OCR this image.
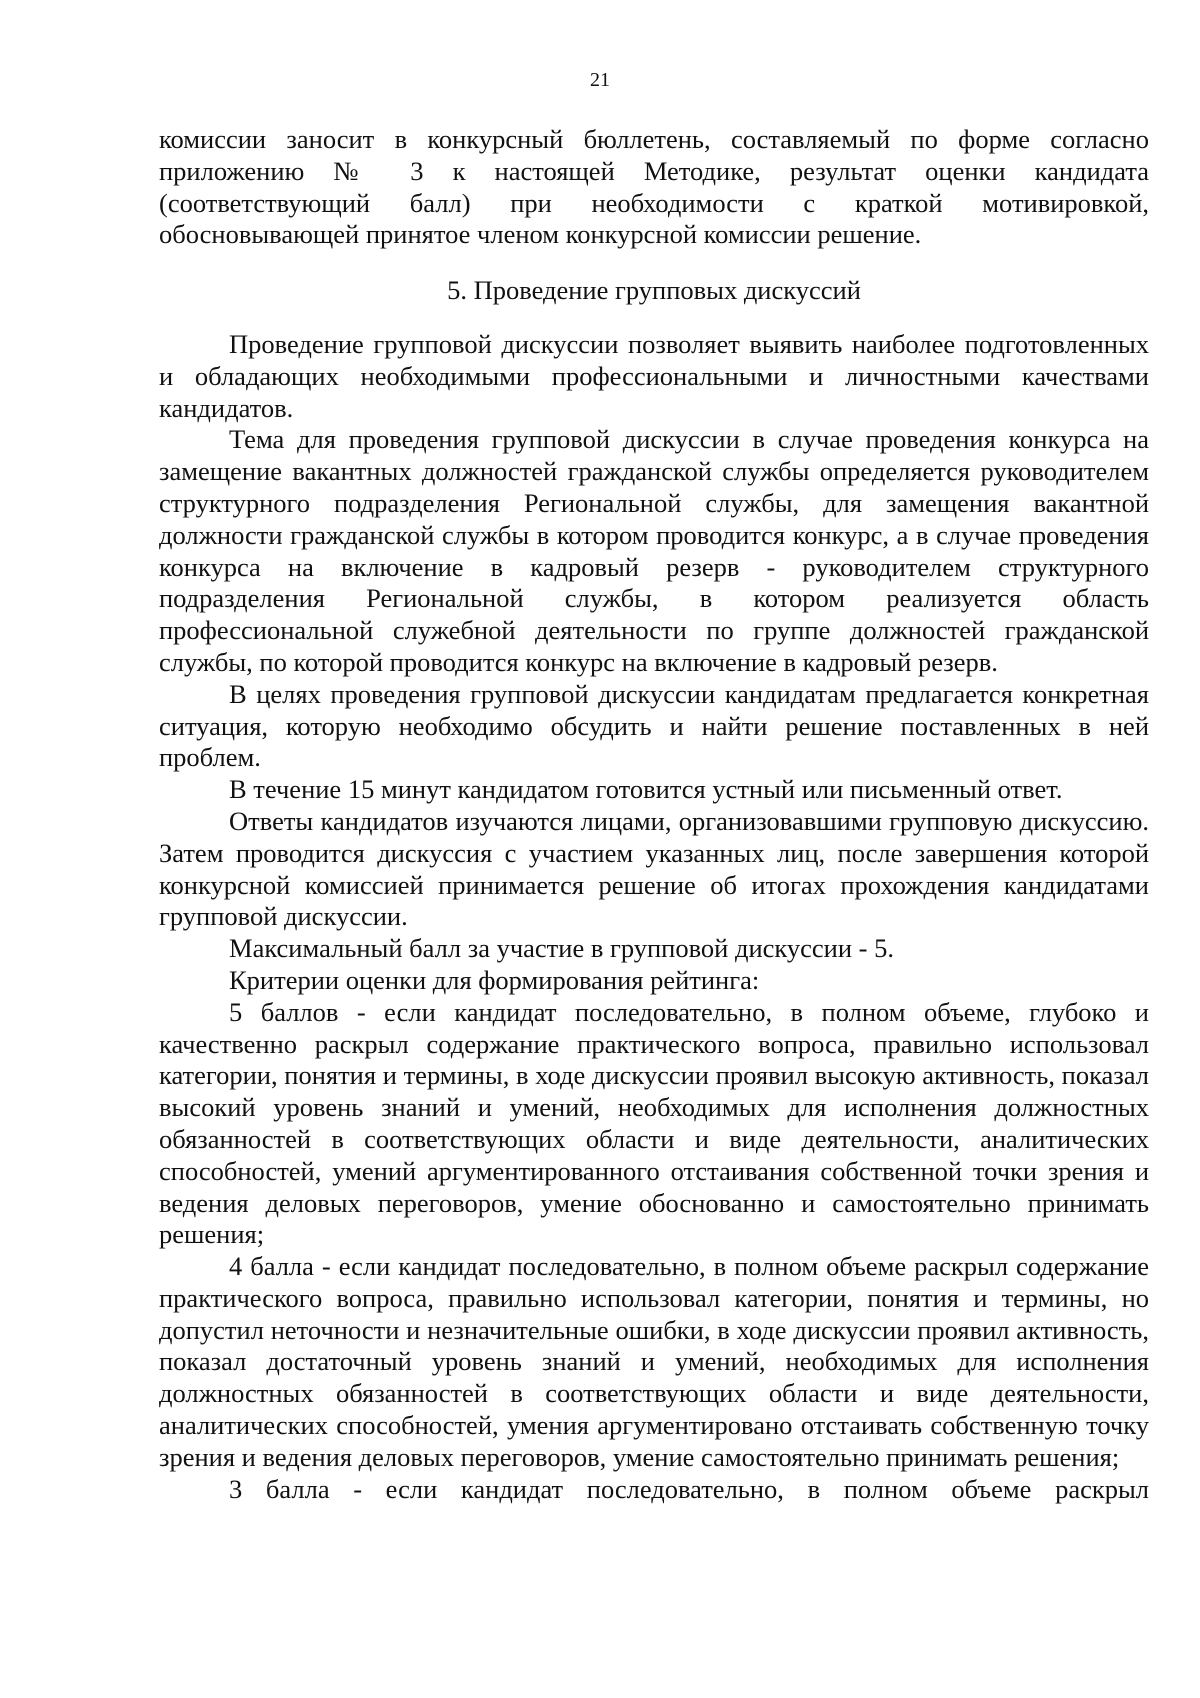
21

комиссии заносит в конкурсный бюллетень, составляемый по форме согласно приложению № 3 к настоящей Методике, результат оценки кандидата (соответствующий балл) при необходимости с краткой мотивировкой, обосновывающей принятое членом конкурсной комиссии решение.

5. Проведение групповых дискуссий

Проведение групповой дискуссии позволяет выявить наиболее подготовленных и обладающих необходимыми профессиональными и личностными качествами кандидатов.

Тема для проведения групповой дискуссии в случае проведения конкурса на замещение вакантных должностей гражданской службы определяется руководителем структурного подразделения Региональной службы, для замещения вакантной должности гражданской службы в котором проводится конкурс, а в случае проведения конкурса на включение в кадровый резерв - руководителем структурного подразделения Региональной службы, в котором реализуется область профессиональной служебной деятельности по группе должностей гражданской службы, по которой проводится конкурс на включение в кадровый резерв.

В целях проведения групповой дискуссии кандидатам предлагается конкретная ситуация, которую необходимо обсудить и найти решение поставленных в ней проблем.

В течение 15 минут кандидатом готовится устный или письменный ответ.

Ответы кандидатов изучаются лицами, организовавшими групповую дискуссию. Затем проводится дискуссия с участием указанных лиц, после завершения которой конкурсной комиссией принимается решение об итогах прохождения кандидатами групповой дискуссии.

Максимальный балл за участие в групповой дискуссии - 5.

Критерии оценки для формирования рейтинга:

5 баллов - если кандидат последовательно, в полном объеме, глубоко и качественно раскрыл содержание практического вопроса, правильно использовал категории, понятия и термины, в ходе дискуссии проявил высокую активность, показал высокий уровень знаний и умений, необходимых для исполнения должностных обязанностей в соответствующих области и виде деятельности, аналитических способностей, умений аргументированного отстаивания собственной точки зрения и ведения деловых переговоров, умение обоснованно и самостоятельно принимать решения;

4 балла - если кандидат последовательно, в полном объеме раскрыл содержание практического вопроса, правильно использовал категории, понятия и термины, но допустил неточности и незначительные ошибки, в ходе дискуссии проявил активность, показал достаточный уровень знаний и умений, необходимых для исполнения должностных обязанностей в соответствующих области и виде деятельности, аналитических способностей, умения аргументировано отстаивать собственную точку зрения и ведения деловых переговоров, умение самостоятельно принимать решения;

3 балла - если кандидат последовательно, в полном объеме раскрыл
